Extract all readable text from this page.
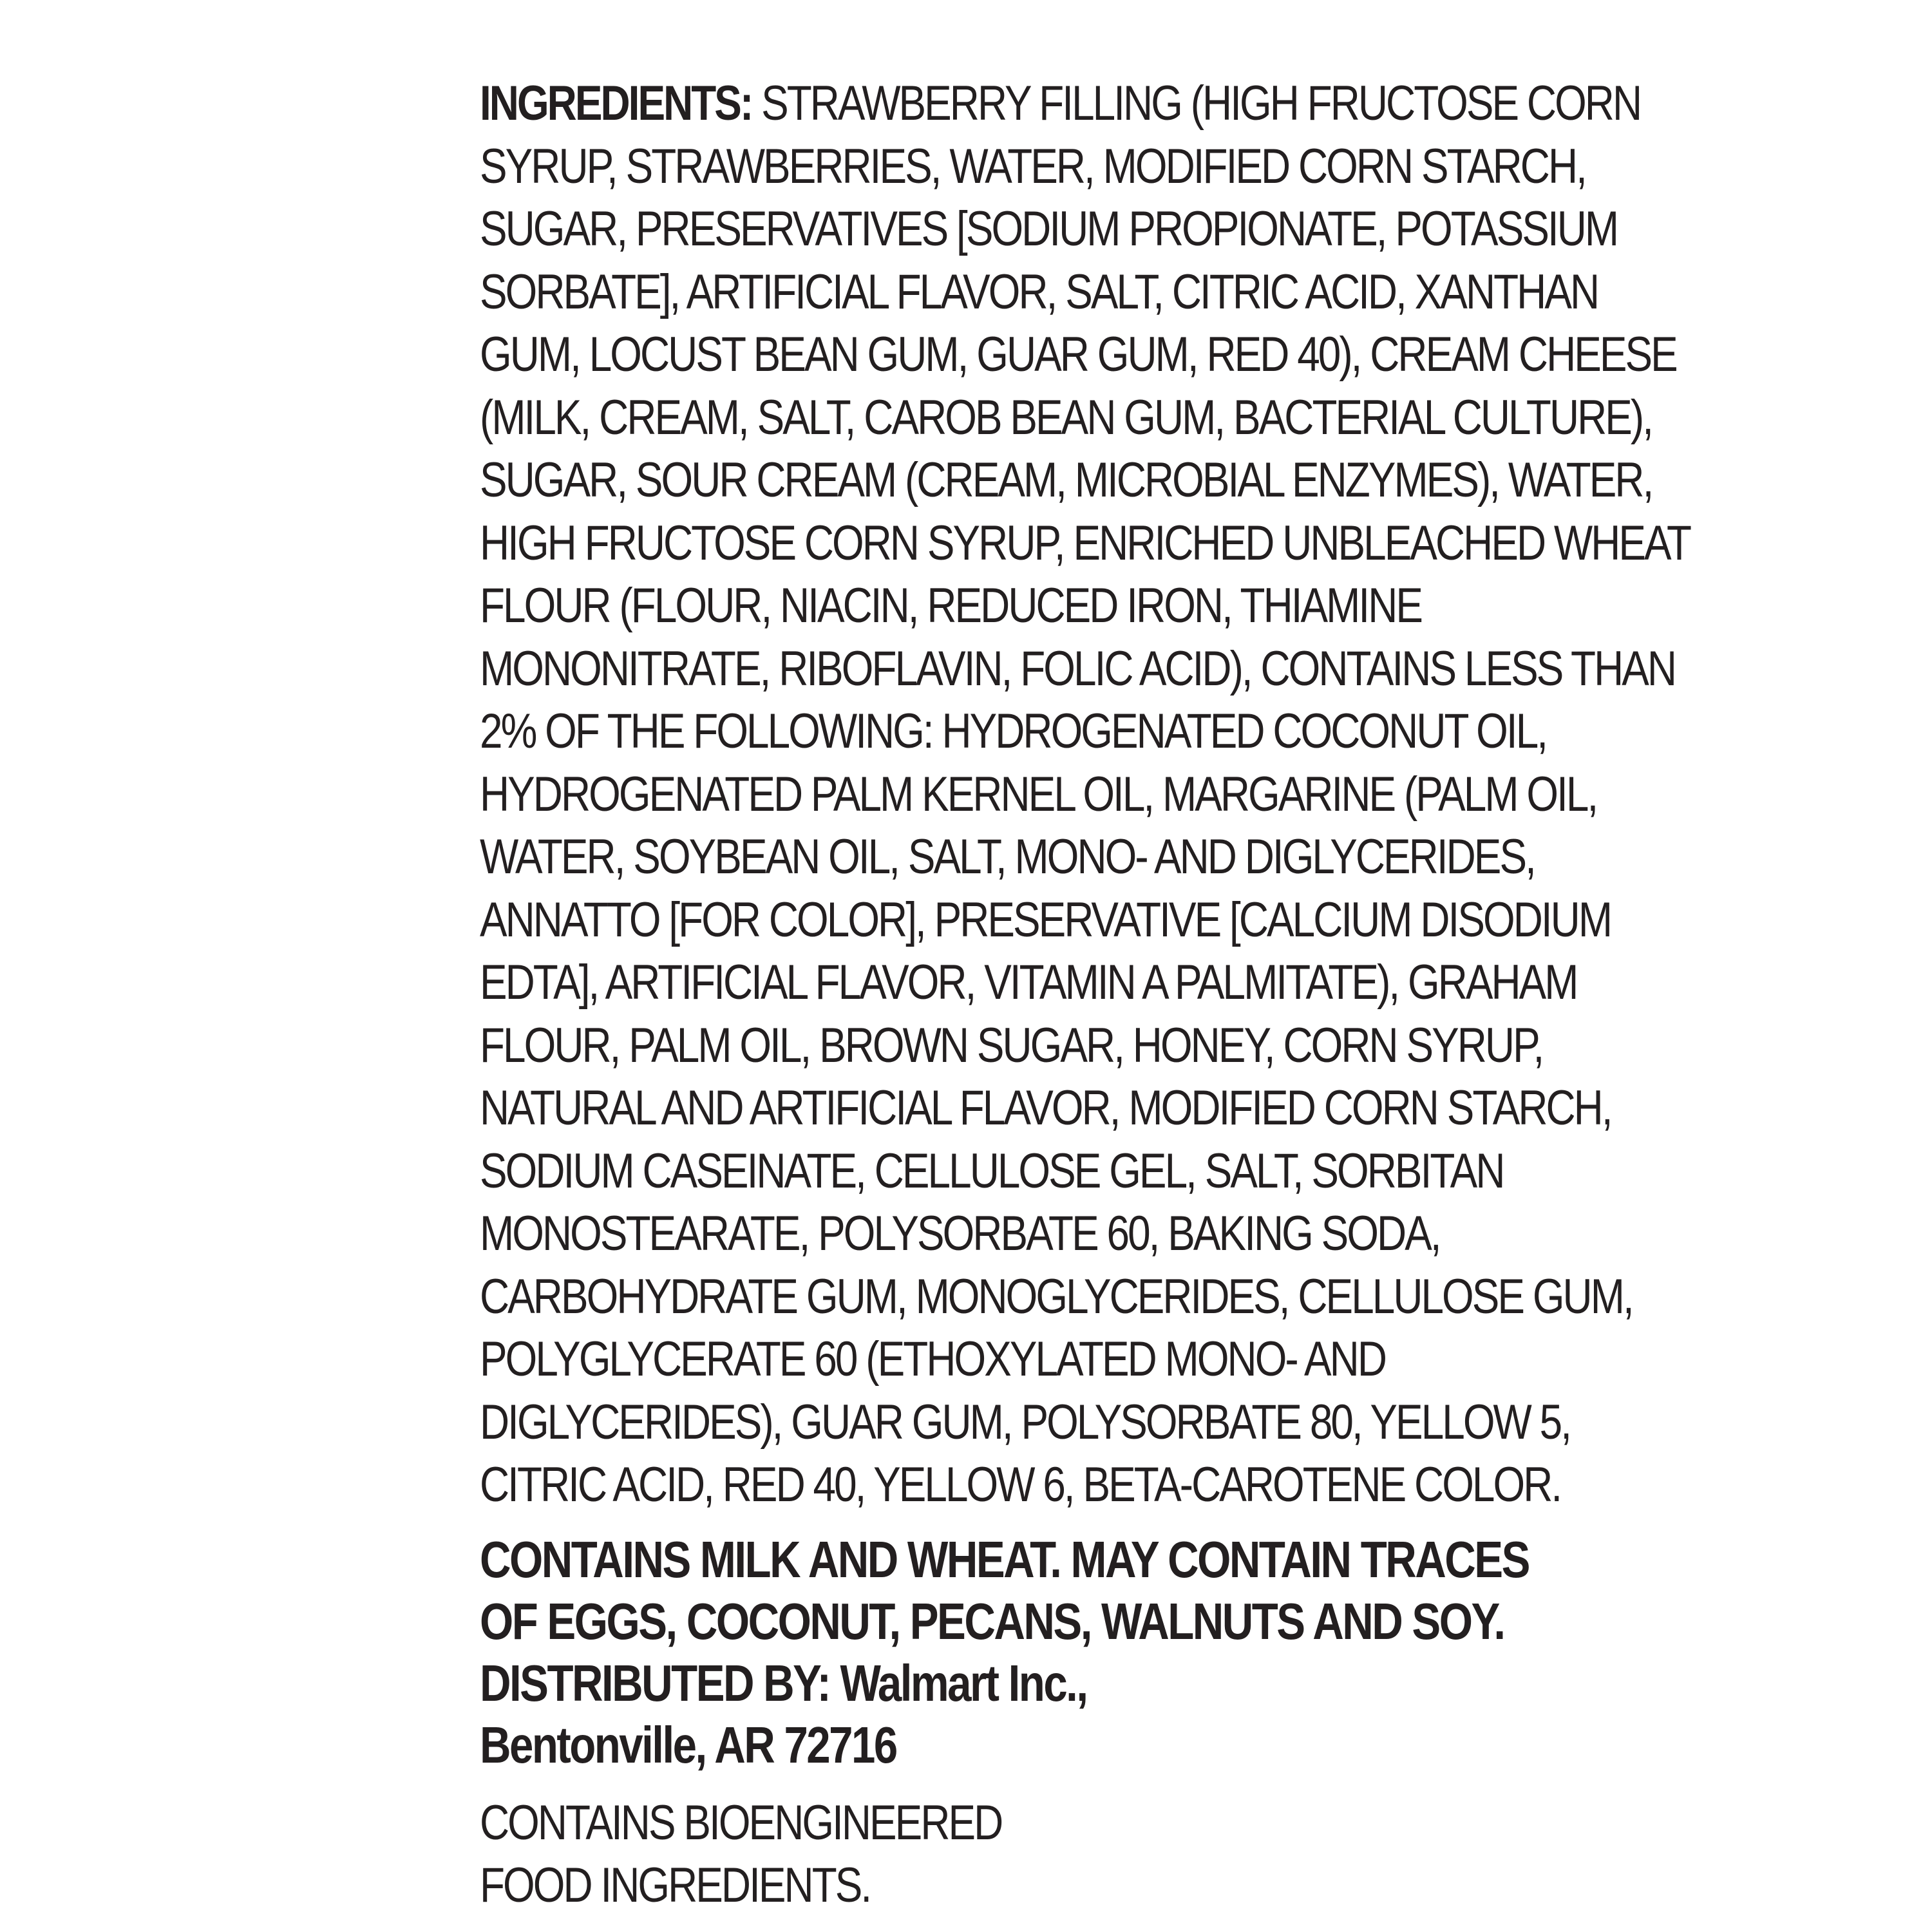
INGREDIENTS: STRAWBERRY FILLING (HIGH FRUCTOSE CORN
SYRUP, STRAWBERRIES, WATER, MODIFIED CORN STARCH,
SUGAR, PRESERVATIVES [SODIUM PROPIONATE, POTASSIUM
SORBATE], ARTIFICIAL FLAVOR, SALT, CITRIC ACID, XANTHAN
GUM, LOCUST BEAN GUM, GUAR GUM, RED 40), CREAM CHEESE
(MILK, CREAM, SALT, CAROB BEAN GUM, BACTERIAL CULTURE),
SUGAR, SOUR CREAM (CREAM, MICROBIAL ENZYMES), WATER,
HIGH FRUCTOSE CORN SYRUP, ENRICHED UNBLEACHED WHEAT
FLOUR (FLOUR, NIACIN, REDUCED IRON, THIAMINE
MONONITRATE, RIBOFLAVIN, FOLIC ACID), CONTAINS LESS THAN
2% OF THE FOLLOWING: HYDROGENATED COCONUT OIL,
HYDROGENATED PALM KERNEL OIL, MARGARINE (PALM OIL,
WATER, SOYBEAN OIL, SALT, MONO- AND DIGLYCERIDES,
ANNATTO [FOR COLOR], PRESERVATIVE [CALCIUM DISODIUM
EDTA], ARTIFICIAL FLAVOR, VITAMIN A PALMITATE), GRAHAM
FLOUR, PALM OIL, BROWN SUGAR, HONEY, CORN SYRUP,
NATURAL AND ARTIFICIAL FLAVOR, MODIFIED CORN STARCH,
SODIUM CASEINATE, CELLULOSE GEL, SALT, SORBITAN
MONOSTEARATE, POLYSORBATE 60, BAKING SODA,
CARBOHYDRATE GUM, MONOGLYCERIDES, CELLULOSE GUM,
POLYGLYCERATE 60 (ETHOXYLATED MONO- AND
DIGLYCERIDES), GUAR GUM, POLYSORBATE 80, YELLOW 5,
CITRIC ACID, RED 40, YELLOW 6, BETA-CAROTENE COLOR.
CONTAINS MILK AND WHEAT. MAY CONTAIN TRACES
OF EGGS, COCONUT, PECANS, WALNUTS AND SOY.
DISTRIBUTED BY: Walmart Inc.,
Bentonville, AR 72716
CONTAINS BIOENGINEERED
FOOD INGREDIENTS.
